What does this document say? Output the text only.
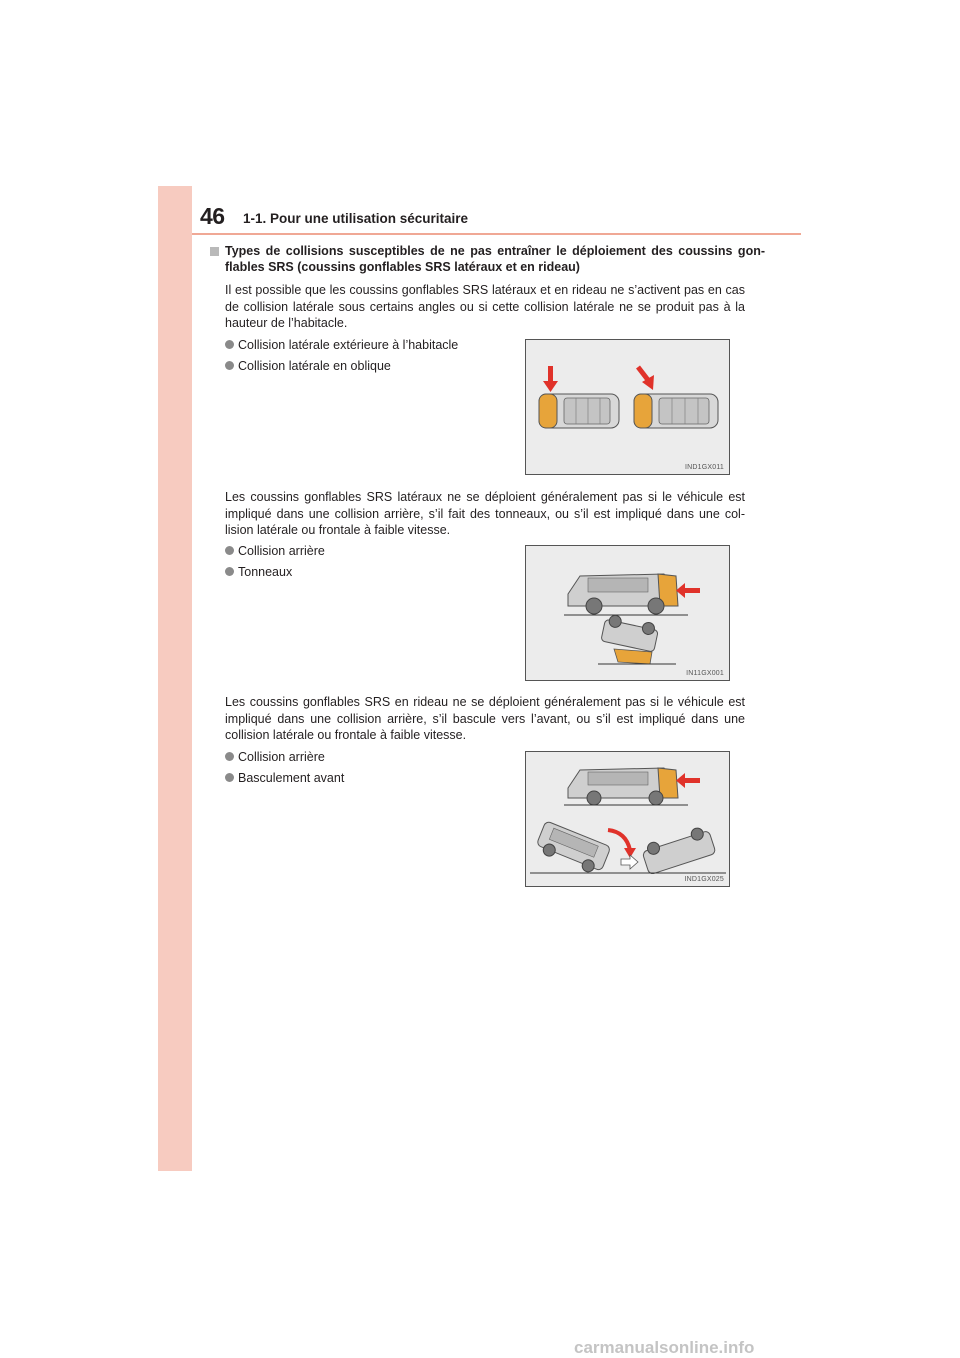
46 1-1. Pour une utilisation sécuritaire
Types de collisions susceptibles de ne pas entraîner le déploiement des coussins gon- flables SRS (coussins gonflables SRS latéraux et en rideau)
Il est possible que les coussins gonflables SRS latéraux et en rideau ne s’activent pas en cas de collision latérale sous certains angles ou si cette collision latérale ne se produit pas à la hauteur de l’habitacle.
Collision latérale extérieure à l’habitacle
Collision latérale en oblique
IND1GX011
Les coussins gonflables SRS latéraux ne se déploient généralement pas si le véhicule est impliqué dans une collision arrière, s’il fait des tonneaux, ou s’il est impliqué dans une col- lision latérale ou frontale à faible vitesse.
Collision arrière
Tonneaux
IN11GX001
Les coussins gonflables SRS en rideau ne se déploient généralement pas si le véhicule est impliqué dans une collision arrière, s’il bascule vers l’avant, ou s’il est impliqué dans une collision latérale ou frontale à faible vitesse.
Collision arrière
Basculement avant
IND1GX025
carmanualsonline.info
